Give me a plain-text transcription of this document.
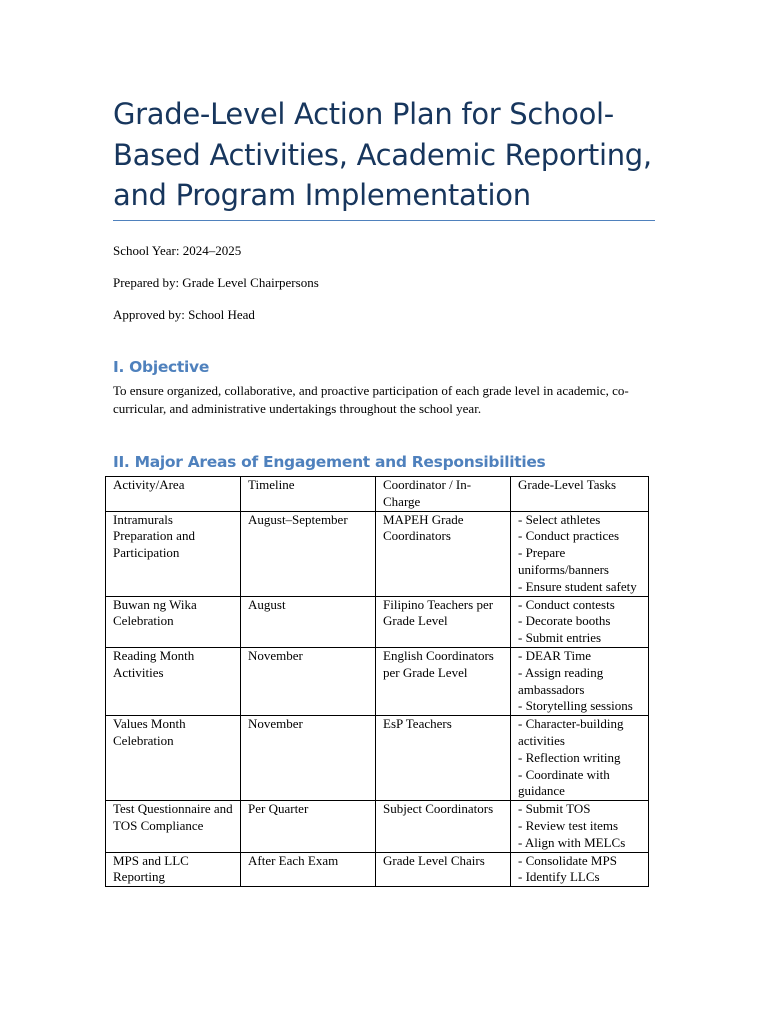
Grade-Level Action Plan for School-Based Activities, Academic Reporting, and Program Implementation

School Year: 2024–2025

Prepared by: Grade Level Chairpersons

Approved by: School Head

I. Objective

To ensure organized, collaborative, and proactive participation of each grade level in academic, co-curricular, and administrative undertakings throughout the school year.

II. Major Areas of Engagement and Responsibilities
Activity/Area	Timeline	Coordinator / In-Charge	Grade-Level Tasks
Intramurals Preparation and Participation	August–September	MAPEH Grade Coordinators	- Select athletes
- Conduct practices
- Prepare uniforms/banners
- Ensure student safety

Buwan ng Wika Celebration	August	Filipino Teachers per Grade Level	- Conduct contests
- Decorate booths
- Submit entries

Reading Month Activities	November	English Coordinators per Grade Level	- DEAR Time
- Assign reading ambassadors
- Storytelling sessions

Values Month Celebration	November	EsP Teachers	- Character-building activities
- Reflection writing
- Coordinate with guidance

Test Questionnaire and TOS Compliance	Per Quarter	Subject Coordinators	- Submit TOS
- Review test items
- Align with MELCs

MPS and LLC Reporting	After Each Exam	Grade Level Chairs	- Consolidate MPS
- Identify LLCs
